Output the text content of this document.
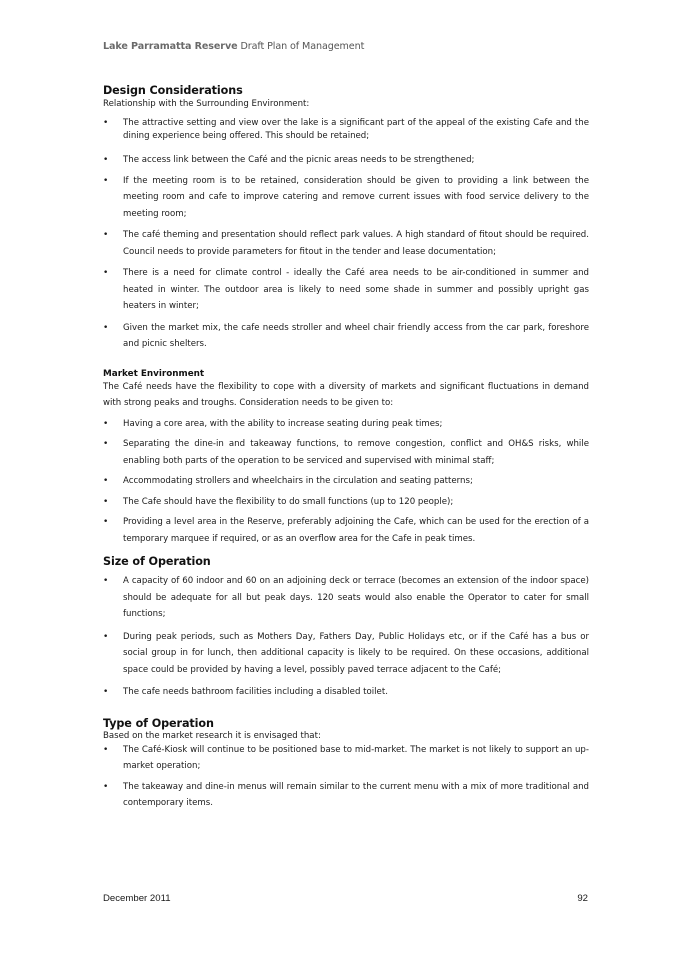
Lake Parramatta Reserve Draft Plan of Management
Design Considerations

Relationship with the Surrounding Environment:

• The attractive setting and view over the lake is a significant part of the appeal of the existing Cafe and the dining experience being offered. This should be retained;
• The access link between the Café and the picnic areas needs to be strengthened;
• If the meeting room is to be retained, consideration should be given to providing a link between the meeting room and cafe to improve catering and remove current issues with food service delivery to the meeting room;
• The café theming and presentation should reflect park values. A high standard of fitout should be required. Council needs to provide parameters for fitout in the tender and lease documentation;
• There is a need for climate control - ideally the Café area needs to be air-conditioned in summer and heated in winter. The outdoor area is likely to need some shade in summer and possibly upright gas heaters in winter;
• Given the market mix, the cafe needs stroller and wheel chair friendly access from the car park, foreshore and picnic shelters.
Market Environment

The Café needs have the flexibility to cope with a diversity of markets and significant fluctuations in demand with strong peaks and troughs. Consideration needs to be given to:

• Having a core area, with the ability to increase seating during peak times;
• Separating the dine-in and takeaway functions, to remove congestion, conflict and OH&S risks, while enabling both parts of the operation to be serviced and supervised with minimal staff;
• Accommodating strollers and wheelchairs in the circulation and seating patterns;
• The Cafe should have the flexibility to do small functions (up to 120 people);
• Providing a level area in the Reserve, preferably adjoining the Cafe, which can be used for the erection of a temporary marquee if required, or as an overflow area for the Cafe in peak times.
Size of Operation
• A capacity of 60 indoor and 60 on an adjoining deck or terrace (becomes an extension of the indoor space) should be adequate for all but peak days. 120 seats would also enable the Operator to cater for small functions;
• During peak periods, such as Mothers Day, Fathers Day, Public Holidays etc, or if the Café has a bus or social group in for lunch, then additional capacity is likely to be required. On these occasions, additional space could be provided by having a level, possibly paved terrace adjacent to the Café;
• The cafe needs bathroom facilities including a disabled toilet.
Type of Operation

Based on the market research it is envisaged that:

• The Café-Kiosk will continue to be positioned base to mid-market. The market is not likely to support an up-market operation;
• The takeaway and dine-in menus will remain similar to the current menu with a mix of more traditional and contemporary items.
December 2011	92
